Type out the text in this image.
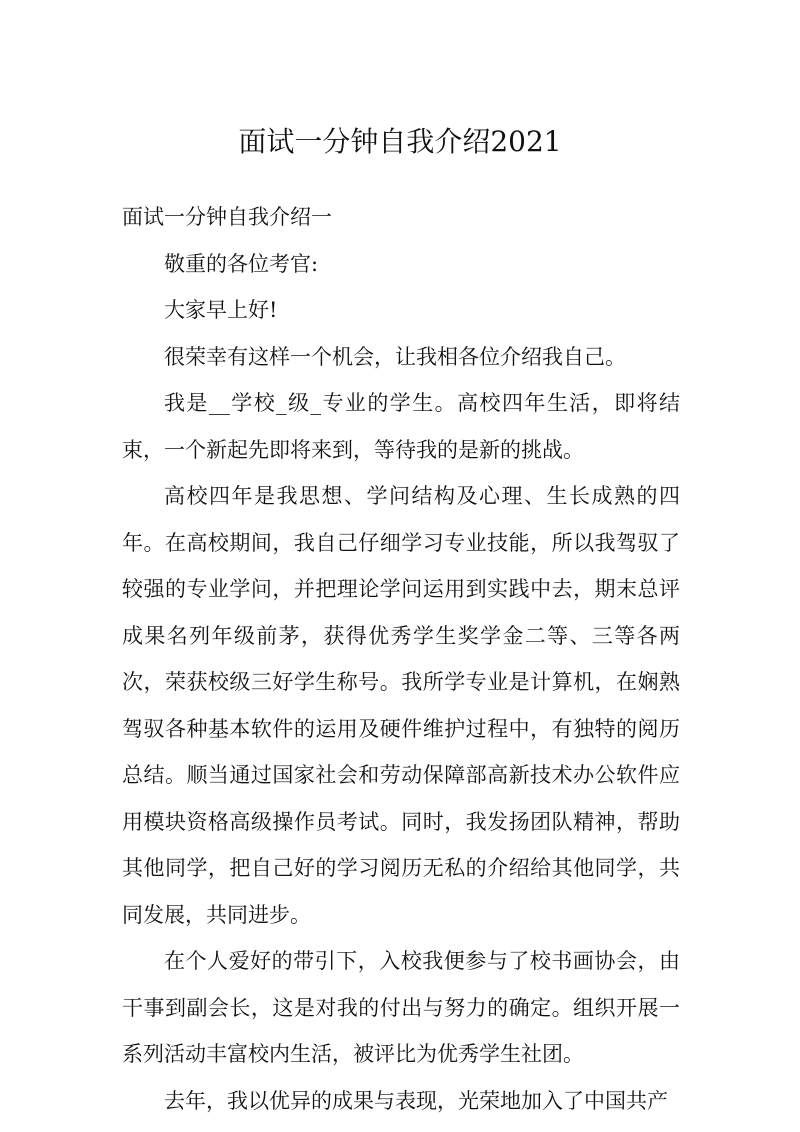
面试一分钟自我介绍2021

面试一分钟自我介绍一

敬重的各位考官:

大家早上好!

很荣幸有这样一个机会，让我相各位介绍我自己。

我是__学校_级_专业的学生。高校四年生活，即将结束，一个新起先即将来到，等待我的是新的挑战。

高校四年是我思想、学问结构及心理、生长成熟的四年。在高校期间，我自己仔细学习专业技能，所以我驾驭了较强的专业学问，并把理论学问运用到实践中去，期末总评成果名列年级前茅，获得优秀学生奖学金二等、三等各两次，荣获校级三好学生称号。我所学专业是计算机，在娴熟驾驭各种基本软件的运用及硬件维护过程中，有独特的阅历总结。顺当通过国家社会和劳动保障部高新技术办公软件应用模块资格高级操作员考试。同时，我发扬团队精神，帮助其他同学，把自己好的学习阅历无私的介绍给其他同学，共同发展，共同进步。

在个人爱好的带引下，入校我便参与了校书画协会，由干事到副会长，这是对我的付出与努力的确定。组织开展一系列活动丰富校内生活，被评比为优秀学生社团。

去年，我以优异的成果与表现，光荣地加入了中国共产
